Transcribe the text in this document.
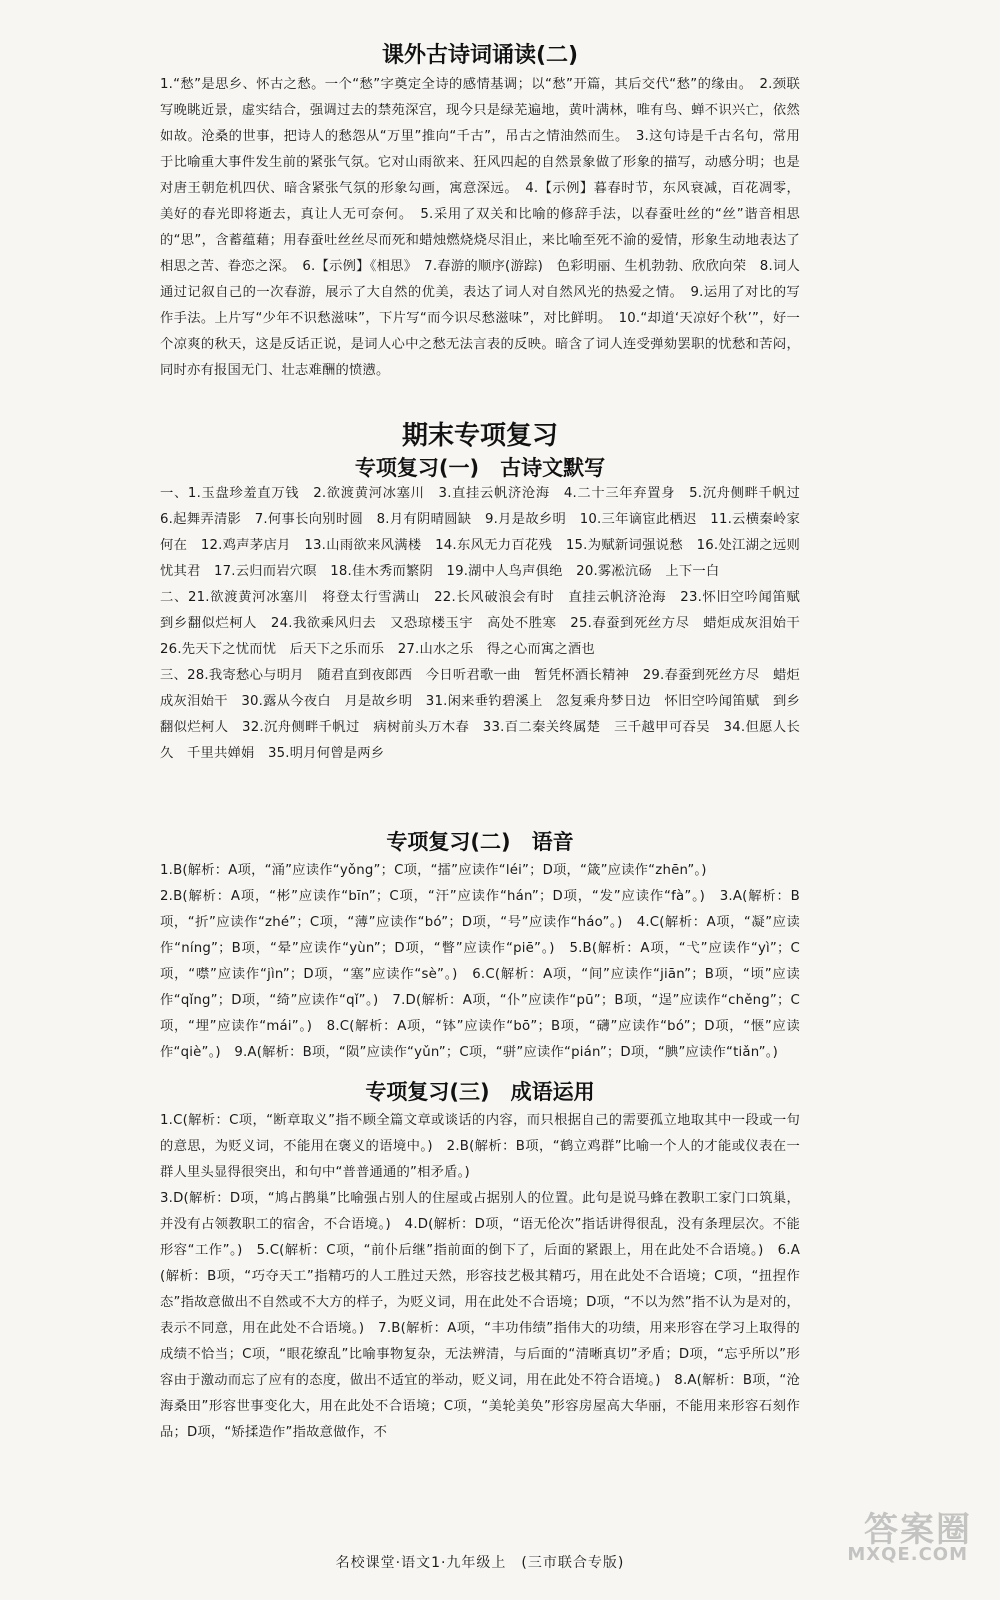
课外古诗词诵读(二)
1.“愁”是思乡、怀古之愁。一个“愁”字奠定全诗的感情基调；以“愁”开篇，其后交代“愁”的缘由。　2.颈联写晚眺近景，虚实结合，强调过去的禁苑深宫，现今只是绿芜遍地，黄叶满林，唯有鸟、蝉不识兴亡，依然如故。沧桑的世事，把诗人的愁怨从“万里”推向“千古”，吊古之情油然而生。　3.这句诗是千古名句，常用于比喻重大事件发生前的紧张气氛。它对山雨欲来、狂风四起的自然景象做了形象的描写，动感分明；也是对唐王朝危机四伏、暗含紧张气氛的形象勾画，寓意深远。　4.【示例】暮春时节，东风衰减，百花凋零，美好的春光即将逝去，真让人无可奈何。　5.采用了双关和比喻的修辞手法，以春蚕吐丝的“丝”谐音相思的“思”，含蓄蕴藉；用春蚕吐丝丝尽而死和蜡烛燃烧烧尽泪止，来比喻至死不渝的爱情，形象生动地表达了相思之苦、眷恋之深。　6.【示例】《相思》　7.春游的顺序(游踪)　色彩明丽、生机勃勃、欣欣向荣　8.词人通过记叙自己的一次春游，展示了大自然的优美，表达了词人对自然风光的热爱之情。　9.运用了对比的写作手法。上片写“少年不识愁滋味”，下片写“而今识尽愁滋味”，对比鲜明。　10.“却道‘天凉好个秋’”，好一个凉爽的秋天，这是反话正说，是词人心中之愁无法言表的反映。暗含了词人连受弹劾罢职的忧愁和苦闷，同时亦有报国无门、壮志难酬的愤懑。
期末专项复习
专项复习(一)　古诗文默写
一、1.玉盘珍羞直万钱　2.欲渡黄河冰塞川　3.直挂云帆济沧海　4.二十三年弃置身　5.沉舟侧畔千帆过　6.起舞弄清影　7.何事长向别时圆　8.月有阴晴圆缺　9.月是故乡明　10.三年谪宦此栖迟　11.云横秦岭家何在　12.鸡声茅店月　13.山雨欲来风满楼　14.东风无力百花残　15.为赋新词强说愁　16.处江湖之远则忧其君　17.云归而岩穴暝　18.佳木秀而繁阴　19.湖中人鸟声俱绝　20.雾凇沆砀　上下一白
二、21.欲渡黄河冰塞川　将登太行雪满山　22.长风破浪会有时　直挂云帆济沧海　23.怀旧空吟闻笛赋　到乡翻似烂柯人　24.我欲乘风归去　又恐琼楼玉宇　高处不胜寒　25.春蚕到死丝方尽　蜡炬成灰泪始干　26.先天下之忧而忧　后天下之乐而乐　27.山水之乐　得之心而寓之酒也
三、28.我寄愁心与明月　随君直到夜郎西　今日听君歌一曲　暂凭杯酒长精神　29.春蚕到死丝方尽　蜡炬成灰泪始干　30.露从今夜白　月是故乡明　31.闲来垂钓碧溪上　忽复乘舟梦日边　怀旧空吟闻笛赋　到乡翻似烂柯人　32.沉舟侧畔千帆过　病树前头万木春　33.百二秦关终属楚　三千越甲可吞吴　34.但愿人长久　千里共婵娟　35.明月何曾是两乡
专项复习(二)　语音
1.B(解析：A项，“涌”应读作“yǒng”；C项，“擂”应读作“léi”；D项，“箴”应读作“zhēn”。)
2.B(解析：A项，“彬”应读作“bīn”；C项，“汗”应读作“hán”；D项，“发”应读作“fà”。)　3.A(解析：B项，“折”应读作“zhé”；C项，“薄”应读作“bó”；D项，“号”应读作“háo”。)　4.C(解析：A项，“凝”应读作“níng”；B项，“晕”应读作“yùn”；D项，“瞥”应读作“piē”。)　5.B(解析：A项，“弋”应读作“yì”；C项，“噤”应读作“jìn”；D项，“塞”应读作“sè”。)　6.C(解析：A项，“间”应读作“jiān”；B项，“顷”应读作“qǐng”；D项，“绮”应读作“qǐ”。)　7.D(解析：A项，“仆”应读作“pū”；B项，“逞”应读作“chěng”；C项，“埋”应读作“mái”。)　8.C(解析：A项，“钵”应读作“bō”；B项，“礴”应读作“bó”；D项，“惬”应读作“qiè”。)　9.A(解析：B项，“陨”应读作“yǔn”；C项，“骈”应读作“pián”；D项，“腆”应读作“tiǎn”。)
专项复习(三)　成语运用
1.C(解析：C项，“断章取义”指不顾全篇文章或谈话的内容，而只根据自己的需要孤立地取其中一段或一句的意思，为贬义词，不能用在褒义的语境中。)　2.B(解析：B项，“鹤立鸡群”比喻一个人的才能或仪表在一群人里头显得很突出，和句中“普普通通的”相矛盾。)
3.D(解析：D项，“鸠占鹊巢”比喻强占别人的住屋或占据别人的位置。此句是说马蜂在教职工家门口筑巢，并没有占领教职工的宿舍，不合语境。)　4.D(解析：D项，“语无伦次”指话讲得很乱，没有条理层次。不能形容“工作”。)　5.C(解析：C项，“前仆后继”指前面的倒下了，后面的紧跟上，用在此处不合语境。)　6.A(解析：B项，“巧夺天工”指精巧的人工胜过天然，形容技艺极其精巧，用在此处不合语境；C项，“扭捏作态”指故意做出不自然或不大方的样子，为贬义词，用在此处不合语境；D项，“不以为然”指不认为是对的，表示不同意，用在此处不合语境。)　7.B(解析：A项，“丰功伟绩”指伟大的功绩，用来形容在学习上取得的成绩不恰当；C项，“眼花缭乱”比喻事物复杂，无法辨清，与后面的“清晰真切”矛盾；D项，“忘乎所以”形容由于激动而忘了应有的态度，做出不适宜的举动，贬义词，用在此处不符合语境。)　8.A(解析：B项，“沧海桑田”形容世事变化大，用在此处不合语境；C项，“美轮美奂”形容房屋高大华丽，不能用来形容石刻作品；D项，“矫揉造作”指故意做作，不
名校课堂·语文1·九年级上　(三市联合专版)
答案圈
MXQE.COM
